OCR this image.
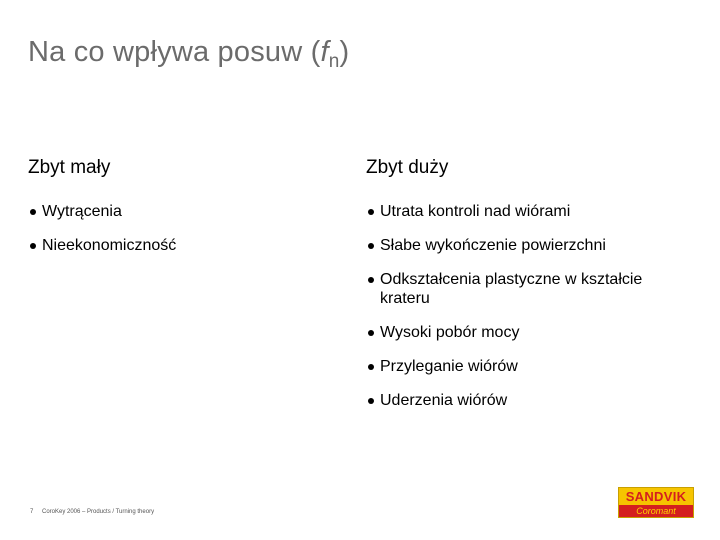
Na co wpływa posuw $(f_n)$
Zbyt mały
Wytrącenia
Nieekonomiczność
Zbyt duży
Utrata kontroli nad wiórami
Słabe wykończenie powierzchni
Odkształcenia plastyczne w kształcie krateru
Wysoki pobór mocy
Przyleganie wiórów
Uderzenia wiórów
7 CoroKey 2006 – Products / Turning theory
SANDVIK
Coromant
